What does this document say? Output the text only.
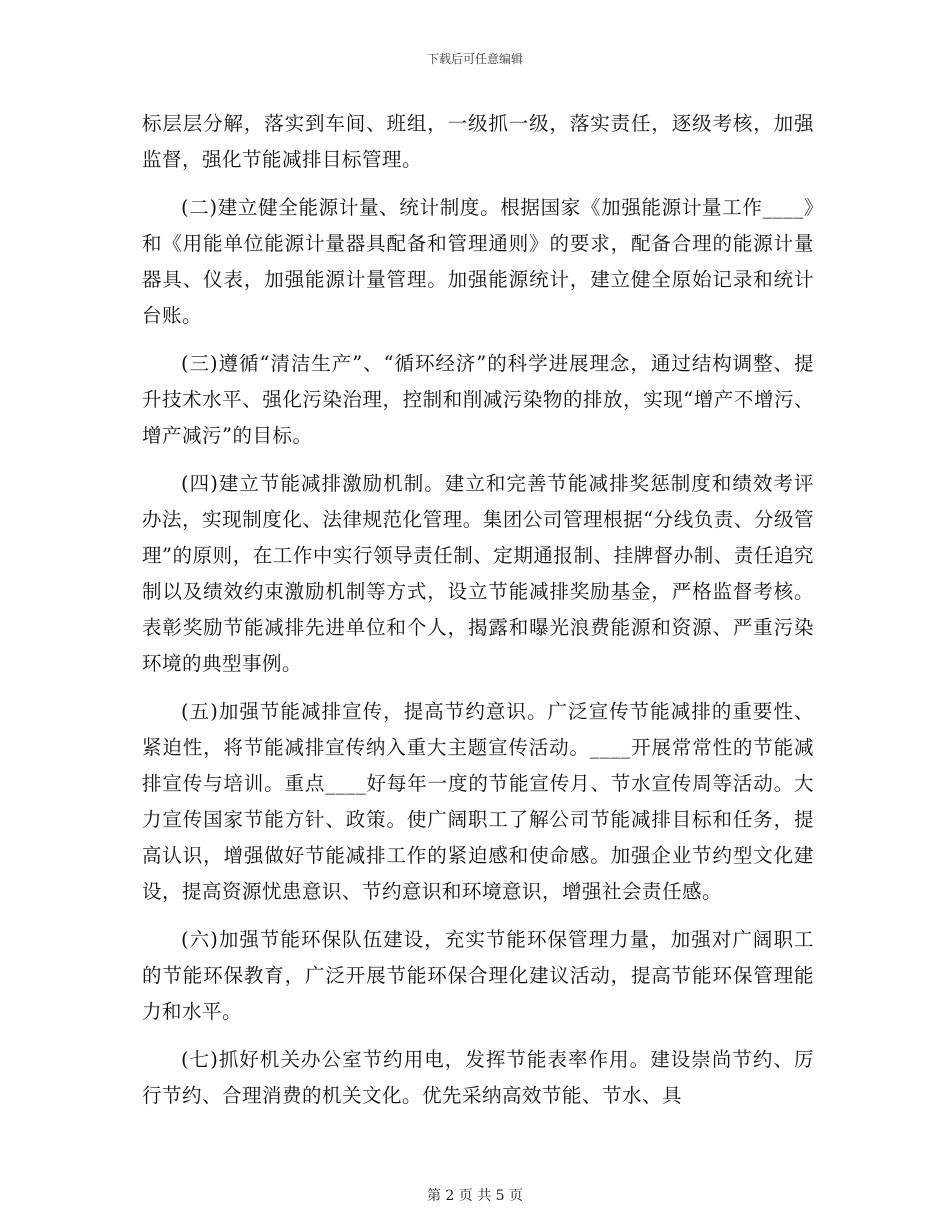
下载后可任意编辑

标层层分解，落实到车间、班组，一级抓一级，落实责任，逐级考核，加强监督，强化节能减排目标管理。

(二)建立健全能源计量、统计制度。根据国家《加强能源计量工作____》和《用能单位能源计量器具配备和管理通则》的要求，配备合理的能源计量器具、仪表，加强能源计量管理。加强能源统计，建立健全原始记录和统计台账。

(三)遵循“清洁生产”、“循环经济”的科学进展理念，通过结构调整、提升技术水平、强化污染治理，控制和削减污染物的排放，实现“增产不增污、增产减污”的目标。

(四)建立节能减排激励机制。建立和完善节能减排奖惩制度和绩效考评办法，实现制度化、法律规范化管理。集团公司管理根据“分线负责、分级管理”的原则，在工作中实行领导责任制、定期通报制、挂牌督办制、责任追究制以及绩效约束激励机制等方式，设立节能减排奖励基金，严格监督考核。表彰奖励节能减排先进单位和个人，揭露和曝光浪费能源和资源、严重污染环境的典型事例。

(五)加强节能减排宣传，提高节约意识。广泛宣传节能减排的重要性、紧迫性，将节能减排宣传纳入重大主题宣传活动。____开展常常性的节能减排宣传与培训。重点____好每年一度的节能宣传月、节水宣传周等活动。大力宣传国家节能方针、政策。使广阔职工了解公司节能减排目标和任务，提高认识，增强做好节能减排工作的紧迫感和使命感。加强企业节约型文化建设，提高资源忧患意识、节约意识和环境意识，增强社会责任感。

(六)加强节能环保队伍建设，充实节能环保管理力量，加强对广阔职工的节能环保教育，广泛开展节能环保合理化建议活动，提高节能环保管理能力和水平。

(七)抓好机关办公室节约用电，发挥节能表率作用。建设崇尚节约、厉行节约、合理消费的机关文化。优先采纳高效节能、节水、具

第 2 页 共 5 页
